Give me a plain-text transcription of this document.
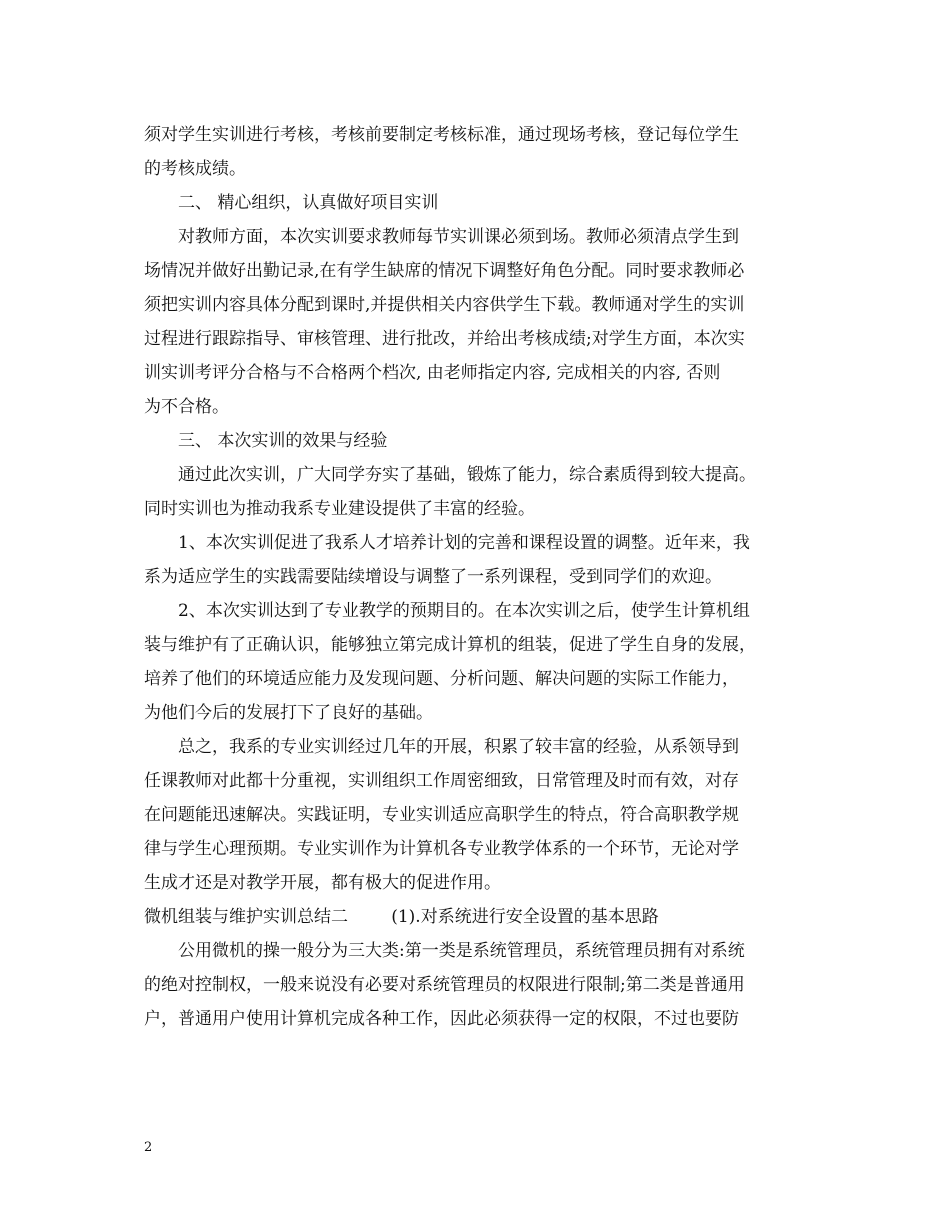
须对学生实训进行考核，考核前要制定考核标准，通过现场考核，登记每位学生
的考核成绩。
二、 精心组织，认真做好项目实训
对教师方面，本次实训要求教师每节实训课必须到场。教师必须清点学生到
场情况并做好出勤记录,在有学生缺席的情况下调整好角色分配。同时要求教师必
须把实训内容具体分配到课时,并提供相关内容供学生下载。教师通对学生的实训
过程进行跟踪指导、审核管理、进行批改，并给出考核成绩;对学生方面，本次实
训实训考评分合格与不合格两个档次, 由老师指定内容, 完成相关的内容, 否则
为不合格。
三、 本次实训的效果与经验
通过此次实训，广大同学夯实了基础，锻炼了能力，综合素质得到较大提高。
同时实训也为推动我系专业建设提供了丰富的经验。
1、本次实训促进了我系人才培养计划的完善和课程设置的调整。近年来，我
系为适应学生的实践需要陆续增设与调整了一系列课程，受到同学们的欢迎。
2、本次实训达到了专业教学的预期目的。在本次实训之后，使学生计算机组
装与维护有了正确认识，能够独立第完成计算机的组装，促进了学生自身的发展，
培养了他们的环境适应能力及发现问题、分析问题、解决问题的实际工作能力，
为他们今后的发展打下了良好的基础。
总之，我系的专业实训经过几年的开展，积累了较丰富的经验，从系领导到
任课教师对此都十分重视，实训组织工作周密细致，日常管理及时而有效，对存
在问题能迅速解决。实践证明，专业实训适应高职学生的特点，符合高职教学规
律与学生心理预期。专业实训作为计算机各专业教学体系的一个环节，无论对学
生成才还是对教学开展，都有极大的促进作用。
微机组装与维护实训总结二        (1).对系统进行安全设置的基本思路
公用微机的操一般分为三大类:第一类是系统管理员，系统管理员拥有对系统
的绝对控制权，一般来说没有必要对系统管理员的权限进行限制;第二类是普通用
户，普通用户使用计算机完成各种工作，因此必须获得一定的权限，不过也要防
2
